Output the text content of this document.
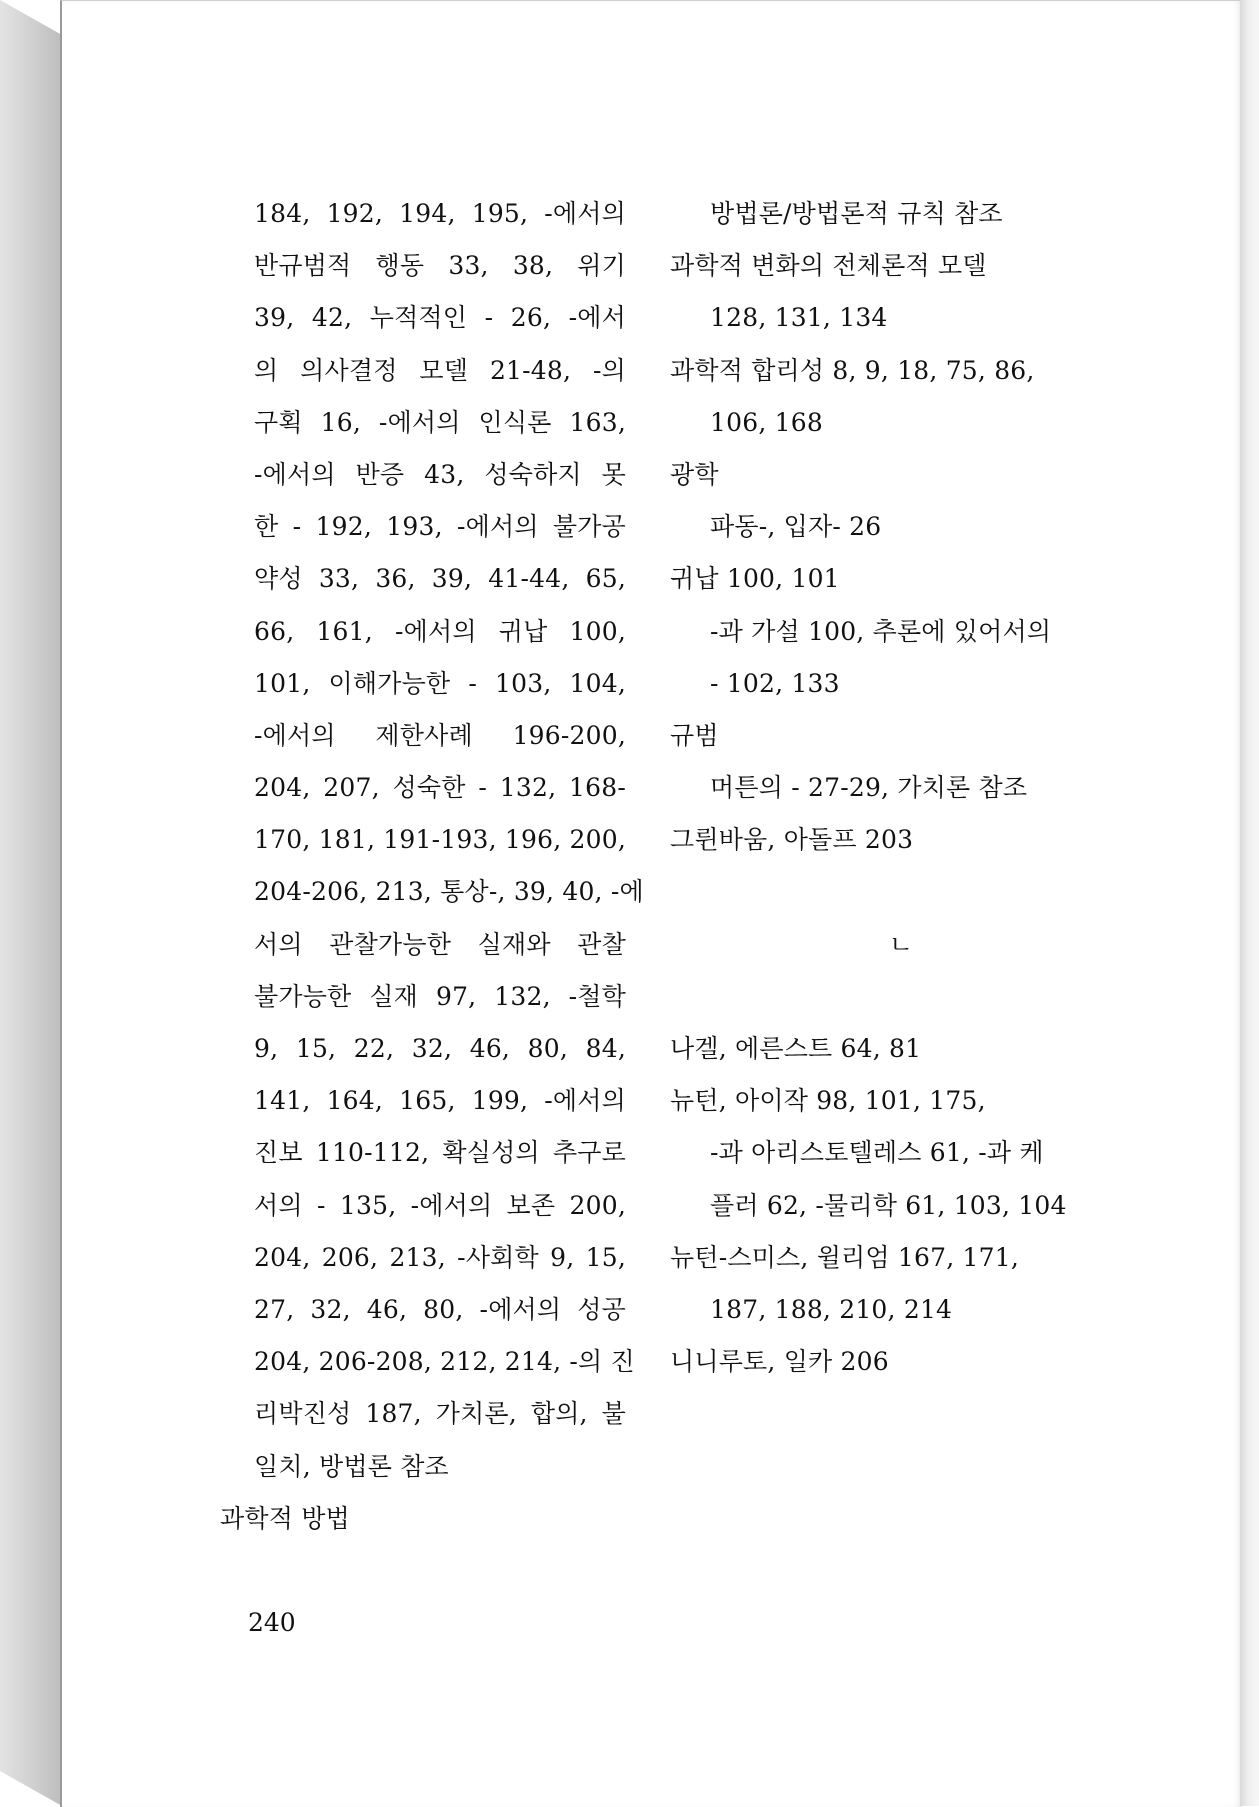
184, 192, 194, 195, -에서의
반규범적 행동 33, 38, 위기
39, 42, 누적적인 - 26, -에서
의 의사결정 모델 21-48, -의
구획 16, -에서의 인식론 163,
-에서의 반증 43, 성숙하지 못
한 - 192, 193, -에서의 불가공
약성 33, 36, 39, 41-44, 65,
66, 161, -에서의 귀납 100,
101, 이해가능한 - 103, 104,
-에서의 제한사례 196-200,
204, 207, 성숙한 - 132, 168-
170, 181, 191-193, 196, 200,
204-206, 213, 통상-, 39, 40, -에
서의 관찰가능한 실재와 관찰
불가능한 실재 97, 132, -철학
9, 15, 22, 32, 46, 80, 84,
141, 164, 165, 199, -에서의
진보 110-112, 확실성의 추구로
서의 - 135, -에서의 보존 200,
204, 206, 213, -사회학 9, 15,
27, 32, 46, 80, -에서의 성공
204, 206-208, 212, 214, -의 진
리박진성 187, 가치론, 합의, 불
일치, 방법론 참조
과학적 방법
방법론/방법론적 규칙 참조
과학적 변화의 전체론적 모델
128, 131, 134
과학적 합리성 8, 9, 18, 75, 86,
106, 168
광학
파동-, 입자- 26
귀납 100, 101
-과 가설 100, 추론에 있어서의
- 102, 133
규범
머튼의 - 27-29, 가치론 참조
그륀바움, 아돌프 203
ㄴ
나겔, 에른스트 64, 81
뉴턴, 아이작 98, 101, 175,
-과 아리스토텔레스 61, -과 케
플러 62, -물리학 61, 103, 104
뉴턴-스미스, 윌리엄 167, 171,
187, 188, 210, 214
니니루토, 일카 206
240
